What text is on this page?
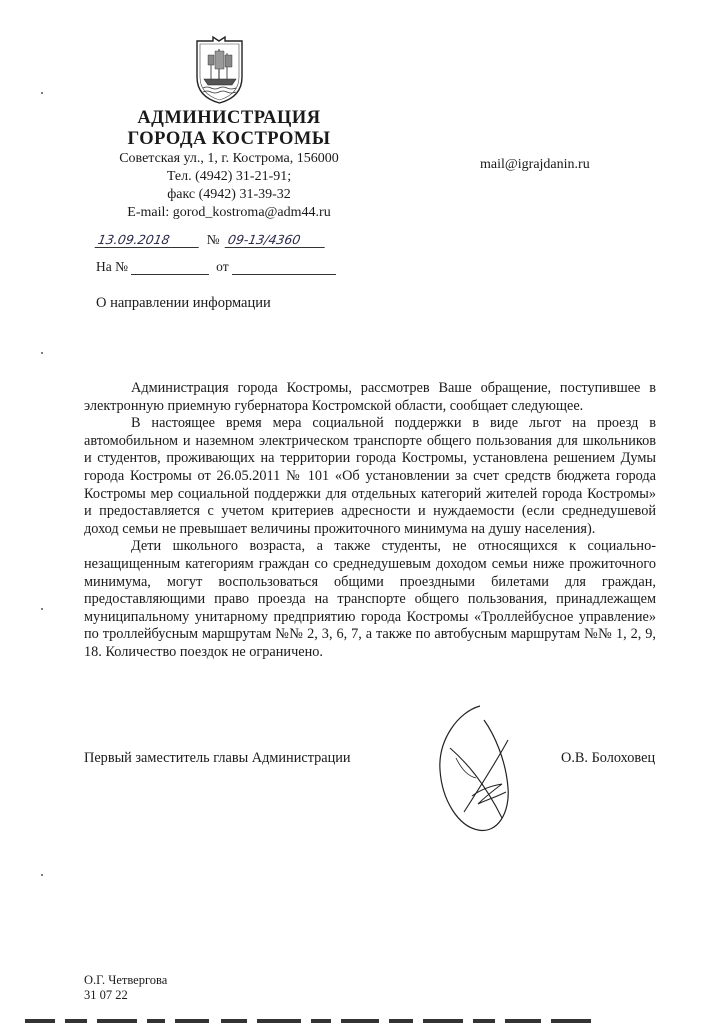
АДМИНИСТРАЦИЯ
ГОРОДА КОСТРОМЫ
Советская ул., 1, г. Кострома, 156000
Тел. (4942) 31-21-91;
факс (4942) 31-39-32
E-mail: gorod_kostroma@adm44.ru
mail@igrajdanin.ru
13.09.2018	№ 09-13/4360
На №	от
О направлении информации

Администрация города Костромы, рассмотрев Ваше обращение, поступившее в электронную приемную губернатора Костромской области, сообщает следующее.

В настоящее время мера социальной поддержки в виде льгот на проезд в автомобильном и наземном электрическом транспорте общего пользования для школьников и студентов, проживающих на территории города Костромы, установлена решением Думы города Костромы от 26.05.2011 № 101 «Об установлении за счет средств бюджета города Костромы мер социальной поддержки для отдельных категорий жителей города Костромы» и предоставляется с учетом критериев адресности и нуждаемости (если среднедушевой доход семьи не превышает величины прожиточного минимума на душу населения).

Дети школьного возраста, а также студенты, не относящихся к социально-незащищенным категориям граждан со среднедушевым доходом семьи ниже прожиточного минимума, могут воспользоваться общими проездными билетами для граждан, предоставляющими право проезда на транспорте общего пользования, принадлежащем муниципальному унитарному предприятию города Костромы «Троллейбусное управление» по троллейбусным маршрутам №№ 2, 3, 6, 7, а также по автобусным маршрутам №№ 1, 2, 9, 18. Количество поездок не ограничено.

Первый заместитель главы Администрации	О.В. Болоховец
О.Г. Четвергова
31 07 22
